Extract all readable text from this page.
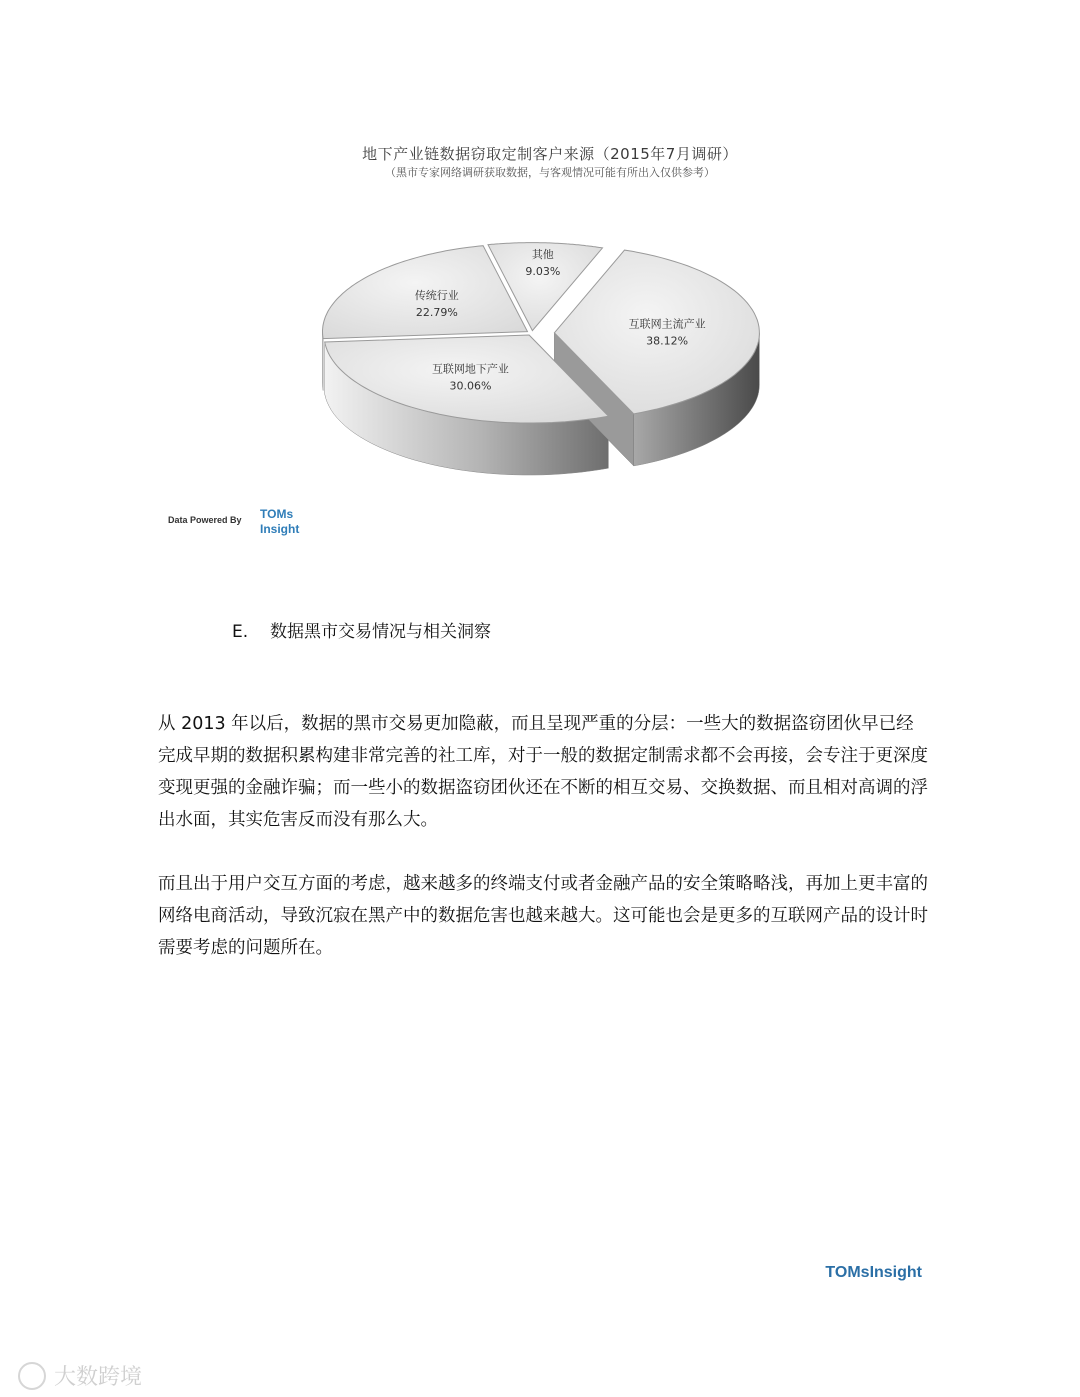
地下产业链数据窃取定制客户来源（2015年7月调研）
（黑市专家网络调研获取数据，与客观情况可能有所出入仅供参考）
互联网主流产业
38.12%
互联网地下产业
30.06%
传统行业
22.79%
其他
9.03%
Data Powered By TOMs
Insight
E. 数据黑市交易情况与相关洞察

从 2013 年以后，数据的黑市交易更加隐蔽，而且呈现严重的分层：一些大的数据盗窃团伙早已经完成早期的数据积累构建非常完善的社工库，对于一般的数据定制需求都不会再接，会专注于更深度变现更强的金融诈骗；而一些小的数据盗窃团伙还在不断的相互交易、交换数据、而且相对高调的浮出水面，其实危害反而没有那么大。

而且出于用户交互方面的考虑，越来越多的终端支付或者金融产品的安全策略略浅，再加上更丰富的网络电商活动，导致沉寂在黑产中的数据危害也越来越大。这可能也会是更多的互联网产品的设计时需要考虑的问题所在。

TOMsInsight
大数跨境
